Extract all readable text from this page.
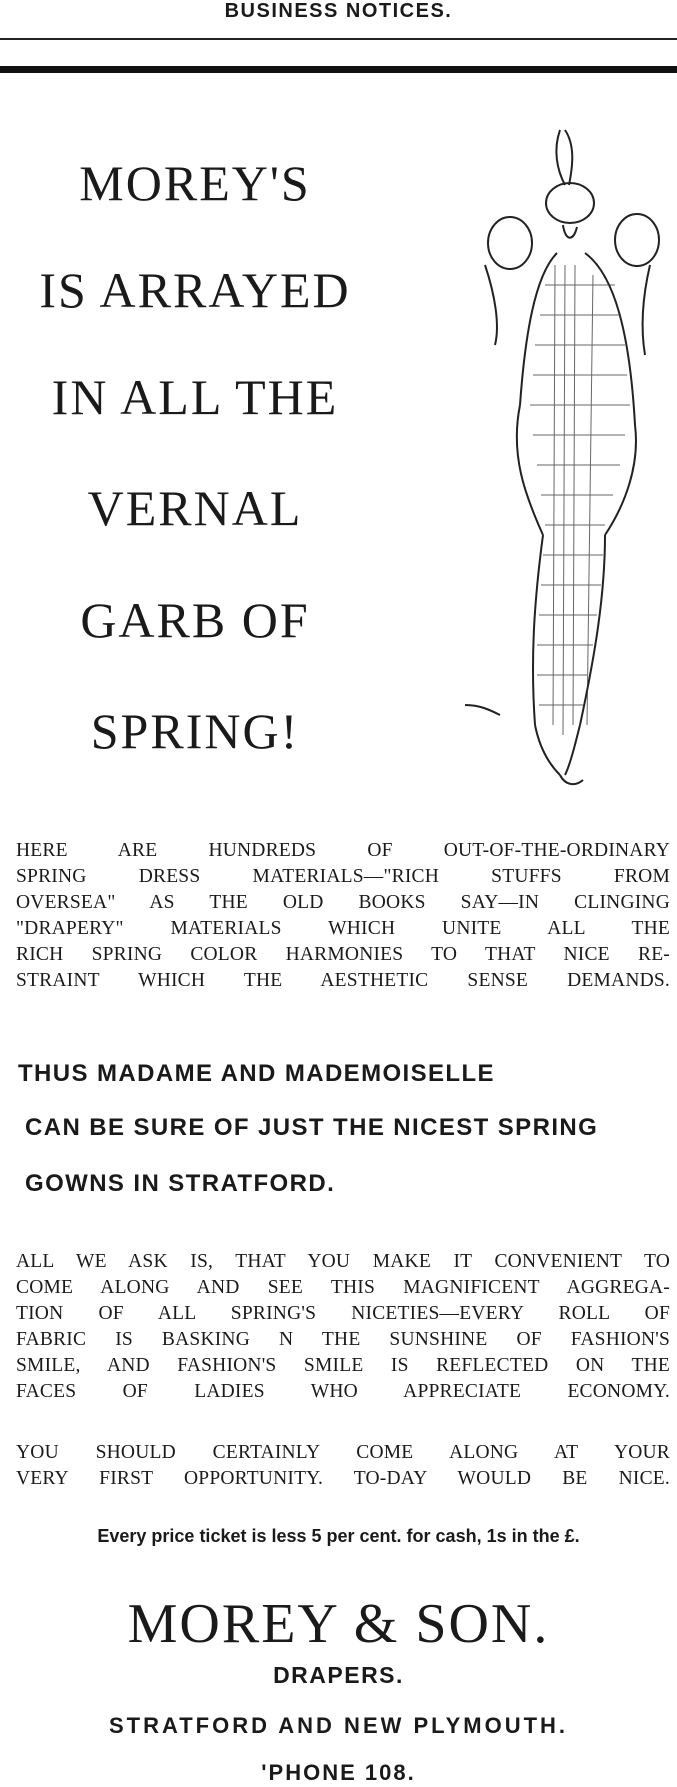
BUSINESS NOTICES.
MOREY'S
IS ARRAYED
IN ALL THE
VERNAL
GARB OF
SPRING!
HERE ARE HUNDREDS OF OUT-OF-THE-ORDINARY
SPRING DRESS MATERIALS—"RICH STUFFS FROM
OVERSEA" AS THE OLD BOOKS SAY—IN CLINGING
"DRAPERY" MATERIALS WHICH UNITE ALL THE
RICH SPRING COLOR HARMONIES TO THAT NICE RE-
STRAINT WHICH THE AESTHETIC SENSE DEMANDS.
THUS MADAME AND MADEMOISELLE
CAN BE SURE OF JUST THE NICEST SPRING
GOWNS IN STRATFORD.
ALL WE ASK IS, THAT YOU MAKE IT CONVENIENT TO
COME ALONG AND SEE THIS MAGNIFICENT AGGREGA-
TION OF ALL SPRING'S NICETIES—EVERY ROLL OF
FABRIC IS BASKING N THE SUNSHINE OF FASHION'S
SMILE, AND FASHION'S SMILE IS REFLECTED ON THE
FACES OF LADIES WHO APPRECIATE ECONOMY.
YOU SHOULD CERTAINLY COME ALONG AT YOUR
VERY FIRST OPPORTUNITY. TO-DAY WOULD BE NICE.
Every price ticket is less 5 per cent. for cash, 1s in the £.
MOREY & SON.
DRAPERS.
STRATFORD AND NEW PLYMOUTH.
'PHONE 108.
